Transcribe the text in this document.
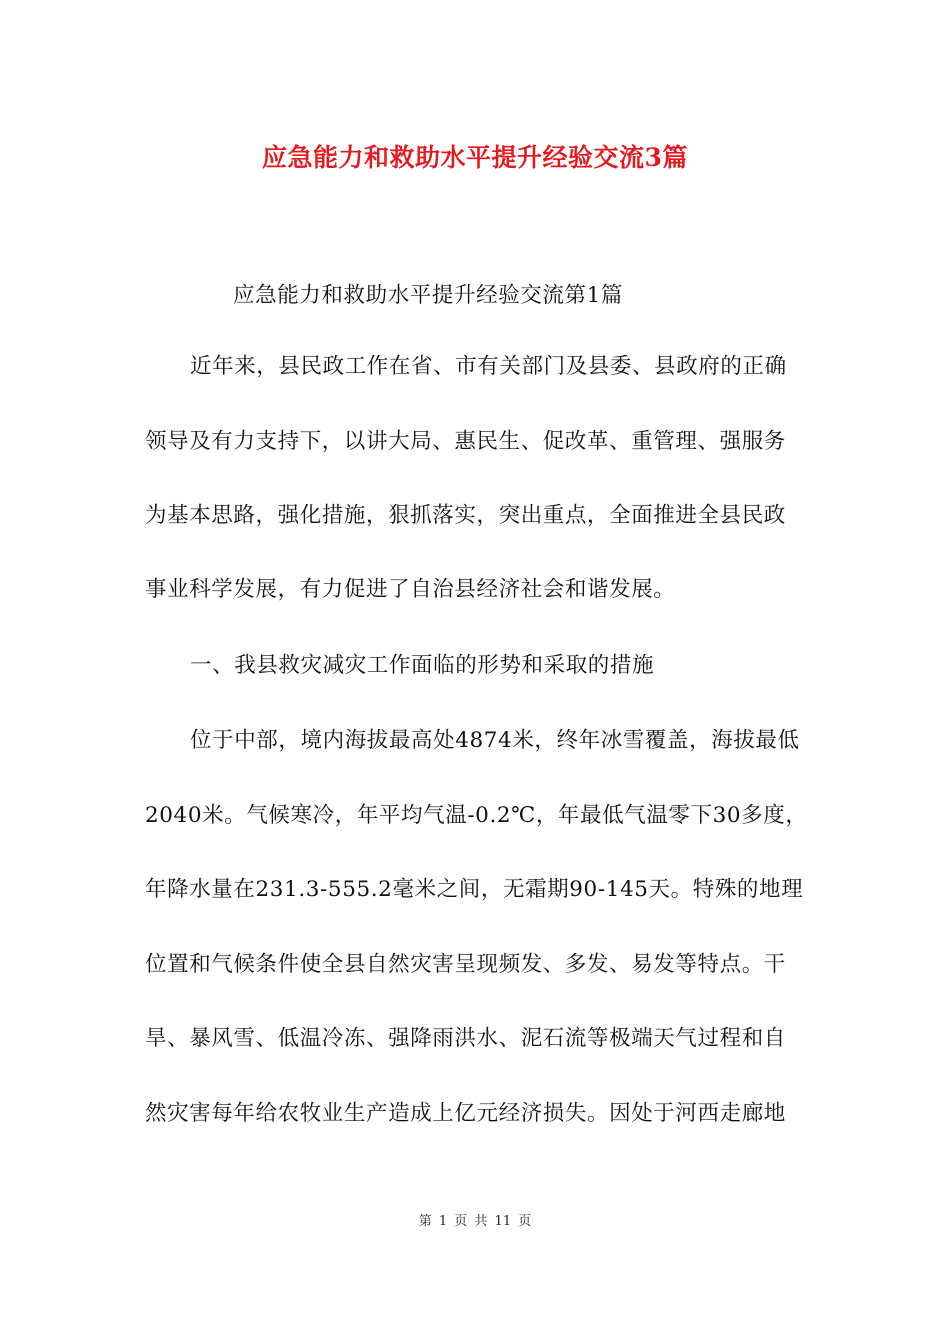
应急能力和救助水平提升经验交流3篇
应急能力和救助水平提升经验交流第1篇
近年来，县民政工作在省、市有关部门及县委、县政府的正确
领导及有力支持下，以讲大局、惠民生、促改革、重管理、强服务
为基本思路，强化措施，狠抓落实，突出重点，全面推进全县民政
事业科学发展，有力促进了自治县经济社会和谐发展。
一、我县救灾减灾工作面临的形势和采取的措施
位于中部，境内海拔最高处4874米，终年冰雪覆盖，海拔最低
2040米。气候寒冷，年平均气温-0.2℃，年最低气温零下30多度，
年降水量在231.3-555.2毫米之间，无霜期90-145天。特殊的地理
位置和气候条件使全县自然灾害呈现频发、多发、易发等特点。干
旱、暴风雪、低温冷冻、强降雨洪水、泥石流等极端天气过程和自
然灾害每年给农牧业生产造成上亿元经济损失。因处于河西走廊地
第 1 页 共 11 页
